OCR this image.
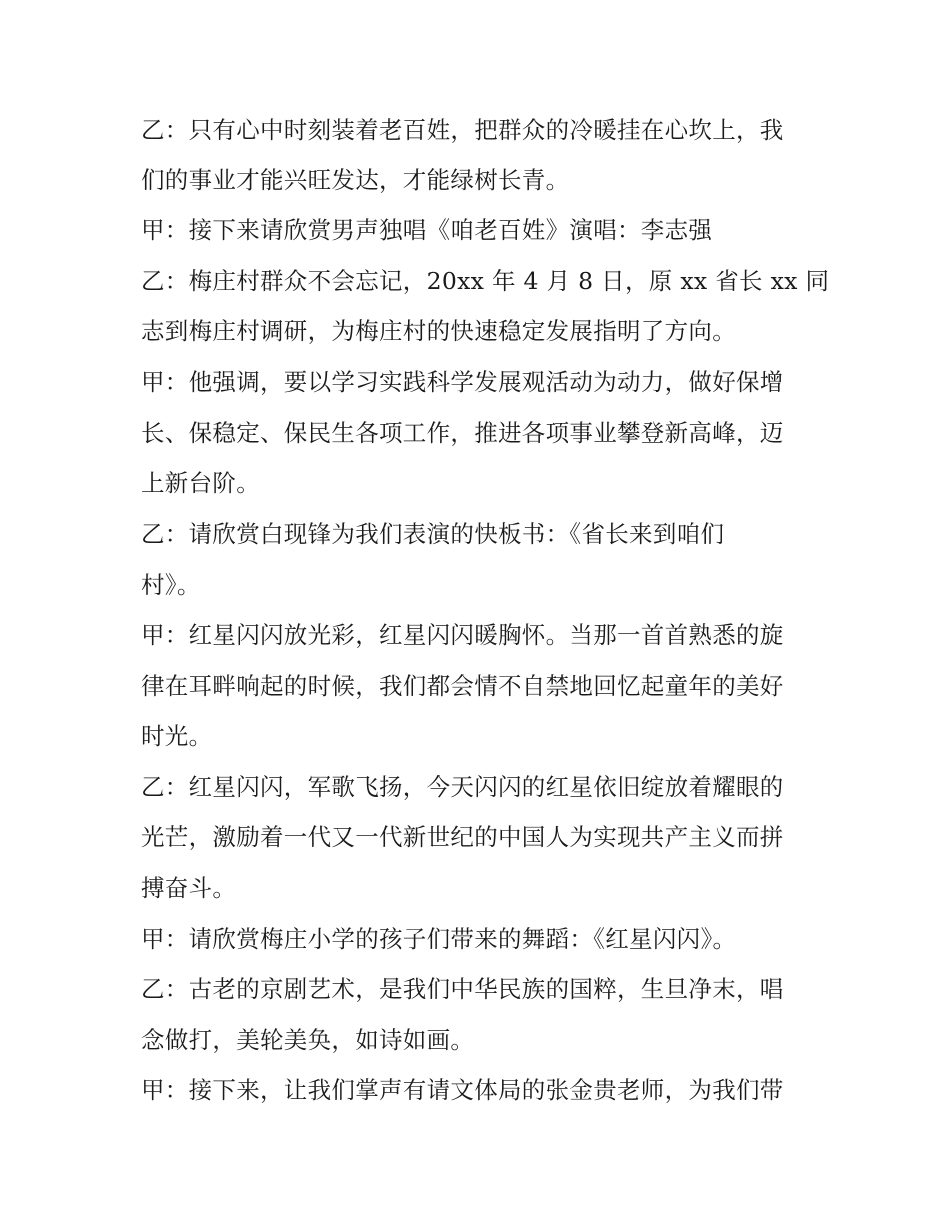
乙：只有心中时刻装着老百姓，把群众的冷暖挂在心坎上，我
们的事业才能兴旺发达，才能绿树长青。
甲：接下来请欣赏男声独唱《咱老百姓》演唱：李志强
乙：梅庄村群众不会忘记，20xx 年 4 月 8 日，原 xx 省长 xx 同
志到梅庄村调研，为梅庄村的快速稳定发展指明了方向。
甲：他强调，要以学习实践科学发展观活动为动力，做好保增
长、保稳定、保民生各项工作，推进各项事业攀登新高峰，迈
上新台阶。
乙：请欣赏白现锋为我们表演的快板书：《省长来到咱们
村》。
甲：红星闪闪放光彩，红星闪闪暖胸怀。当那一首首熟悉的旋
律在耳畔响起的时候，我们都会情不自禁地回忆起童年的美好
时光。
乙：红星闪闪，军歌飞扬，今天闪闪的红星依旧绽放着耀眼的
光芒，激励着一代又一代新世纪的中国人为实现共产主义而拼
搏奋斗。
甲：请欣赏梅庄小学的孩子们带来的舞蹈：《红星闪闪》。
乙：古老的京剧艺术，是我们中华民族的国粹，生旦净末，唱
念做打，美轮美奂，如诗如画。
甲：接下来，让我们掌声有请文体局的张金贵老师，为我们带
